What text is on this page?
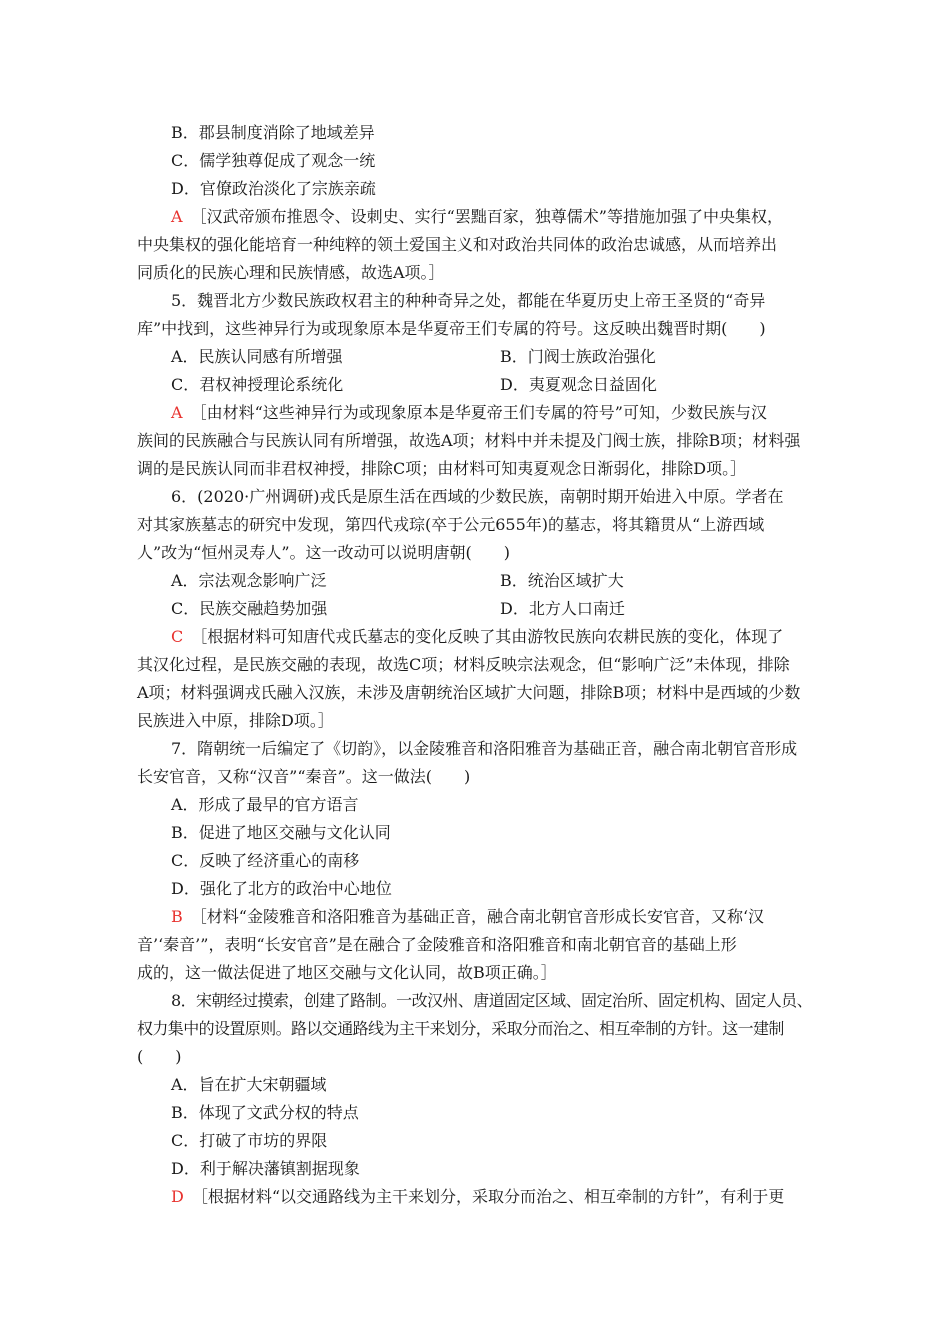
B．郡县制度消除了地域差异
C．儒学独尊促成了观念一统
D．官僚政治淡化了宗族亲疏
A　 ［汉武帝颁布推恩令、设刺史、实行“罢黜百家，独尊儒术”等措施加强了中央集权，
中央集权的强化能培育一种纯粹的领土爱国主义和对政治共同体的政治忠诚感，从而培养出
同质化的民族心理和民族情感，故选A项。］
5．魏晋北方少数民族政权君主的种种奇异之处，都能在华夏历史上帝王圣贤的“奇异
库”中找到，这些神异行为或现象原本是华夏帝王们专属的符号。这反映出魏晋时期(　　)
A．民族认同感有所增强	B．门阀士族政治强化
C．君权神授理论系统化	D．夷夏观念日益固化
A　 ［由材料“这些神异行为或现象原本是华夏帝王们专属的符号”可知，少数民族与汉
族间的民族融合与民族认同有所增强，故选A项；材料中并未提及门阀士族，排除B项；材料强
调的是民族认同而非君权神授，排除C项；由材料可知夷夏观念日渐弱化，排除D项。］
6．(2020·广州调研)戎氏是原生活在西域的少数民族，南朝时期开始进入中原。学者在
对其家族墓志的研究中发现，第四代戎琮(卒于公元655年)的墓志，将其籍贯从“上游西域
人”改为“恒州灵寿人”。这一改动可以说明唐朝(　　)
A．宗法观念影响广泛	B．统治区域扩大
C．民族交融趋势加强	D．北方人口南迁
C　 ［根据材料可知唐代戎氏墓志的变化反映了其由游牧民族向农耕民族的变化，体现了
其汉化过程，是民族交融的表现，故选C项；材料反映宗法观念，但“影响广泛”未体现，排除
A项；材料强调戎氏融入汉族，未涉及唐朝统治区域扩大问题，排除B项；材料中是西域的少数
民族进入中原，排除D项。］
7．隋朝统一后编定了《切韵》，以金陵雅音和洛阳雅音为基础正音，融合南北朝官音形成
长安官音，又称“汉音”“秦音”。这一做法(　　)
A．形成了最早的官方语言
B．促进了地区交融与文化认同
C．反映了经济重心的南移
D．强化了北方的政治中心地位
B　 ［材料“金陵雅音和洛阳雅音为基础正音，融合南北朝官音形成长安官音，又称‘汉
音’‘秦音’”，表明“长安官音”是在融合了金陵雅音和洛阳雅音和南北朝官音的基础上形
成的，这一做法促进了地区交融与文化认同，故B项正确。］
8．宋朝经过摸索，创建了路制。一改汉州、唐道固定区域、固定治所、固定机构、固定人员、
权力集中的设置原则。路以交通路线为主干来划分，采取分而治之、相互牵制的方针。这一建制
(　　)
A．旨在扩大宋朝疆域
B．体现了文武分权的特点
C．打破了市坊的界限
D．利于解决藩镇割据现象
D　 ［根据材料“以交通路线为主干来划分，采取分而治之、相互牵制的方针”，有利于更
